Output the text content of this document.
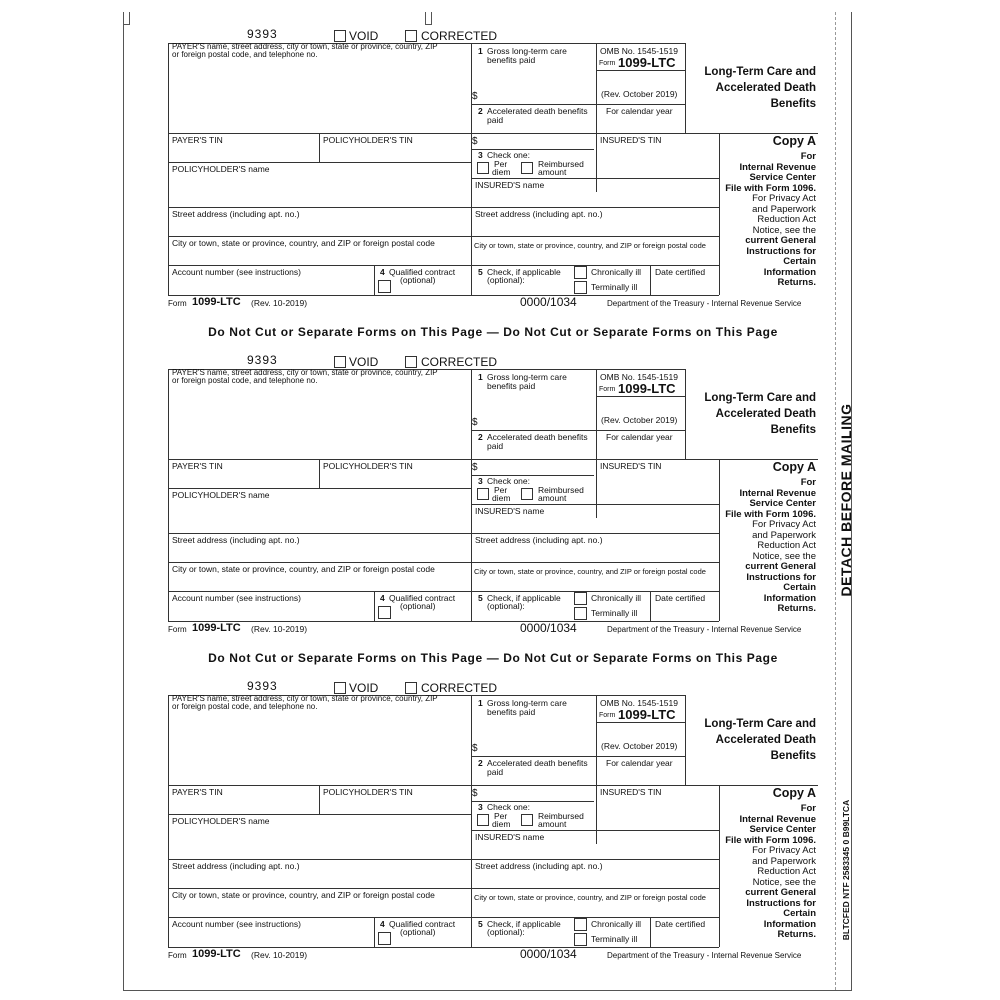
DETACH BEFORE MAILING
BLTCFED NTF 2583345 0 B99LTCA
9393	VOID	CORRECTED
PAYER'S name, street address, city or town, state or province, country, ZIP
or foreign postal code, and telephone no.	1 Gross long-term care
benefits paid
$
OMB No. 1545-1519
Form 1099-LTC
(Rev. October 2019)
Long-Term Care and
Accelerated Death
Benefits
2 Accelerated death benefits
paid
For calendar year
PAYER'S TIN	POLICYHOLDER'S TIN	$	INSURED'S TIN
3 Check one:
Per
diem
Reimbursed
amount
Copy A
For
Internal Revenue
Service Center
File with Form 1096.
For Privacy Act
and Paperwork
Reduction Act
Notice, see the
current General
Instructions for
Certain
Information
Returns.
POLICYHOLDER'S name
INSURED'S name
Street address (including apt. no.)	Street address (including apt. no.)
City or town, state or province, country, and ZIP or foreign postal code	City or town, state or province, country, and ZIP or foreign postal code
Account number (see instructions)	4 Qualified contract
(optional)
5 Check, if applicable
(optional):
Chronically ill
Terminally ill
Date certified
Form 1099-LTC (Rev. 10-2019)	0000/1034	Department of the Treasury - Internal Revenue Service
Do Not Cut or Separate Forms on This Page — Do Not Cut or Separate Forms on This Page
9393	VOID	CORRECTED
PAYER'S name, street address, city or town, state or province, country, ZIP
or foreign postal code, and telephone no.	1 Gross long-term care
benefits paid
$
OMB No. 1545-1519
Form 1099-LTC
(Rev. October 2019)
Long-Term Care and
Accelerated Death
Benefits
2 Accelerated death benefits
paid
For calendar year
PAYER'S TIN	POLICYHOLDER'S TIN	$	INSURED'S TIN
3 Check one:
Per
diem
Reimbursed
amount
Copy A
For
Internal Revenue
Service Center
File with Form 1096.
For Privacy Act
and Paperwork
Reduction Act
Notice, see the
current General
Instructions for
Certain
Information
Returns.
POLICYHOLDER'S name
INSURED'S name
Street address (including apt. no.)	Street address (including apt. no.)
City or town, state or province, country, and ZIP or foreign postal code	City or town, state or province, country, and ZIP or foreign postal code
Account number (see instructions)	4 Qualified contract
(optional)
5 Check, if applicable
(optional):
Chronically ill
Terminally ill
Date certified
Form 1099-LTC (Rev. 10-2019)	0000/1034	Department of the Treasury - Internal Revenue Service
Do Not Cut or Separate Forms on This Page — Do Not Cut or Separate Forms on This Page
9393	VOID	CORRECTED
PAYER'S name, street address, city or town, state or province, country, ZIP
or foreign postal code, and telephone no.	1 Gross long-term care
benefits paid
$
OMB No. 1545-1519
Form 1099-LTC
(Rev. October 2019)
Long-Term Care and
Accelerated Death
Benefits
2 Accelerated death benefits
paid
For calendar year
PAYER'S TIN	POLICYHOLDER'S TIN	$	INSURED'S TIN
3 Check one:
Per
diem
Reimbursed
amount
Copy A
For
Internal Revenue
Service Center
File with Form 1096.
For Privacy Act
and Paperwork
Reduction Act
Notice, see the
current General
Instructions for
Certain
Information
Returns.
POLICYHOLDER'S name
INSURED'S name
Street address (including apt. no.)	Street address (including apt. no.)
City or town, state or province, country, and ZIP or foreign postal code	City or town, state or province, country, and ZIP or foreign postal code
Account number (see instructions)	4 Qualified contract
(optional)
5 Check, if applicable
(optional):
Chronically ill
Terminally ill
Date certified
Form 1099-LTC (Rev. 10-2019)	0000/1034	Department of the Treasury - Internal Revenue Service
